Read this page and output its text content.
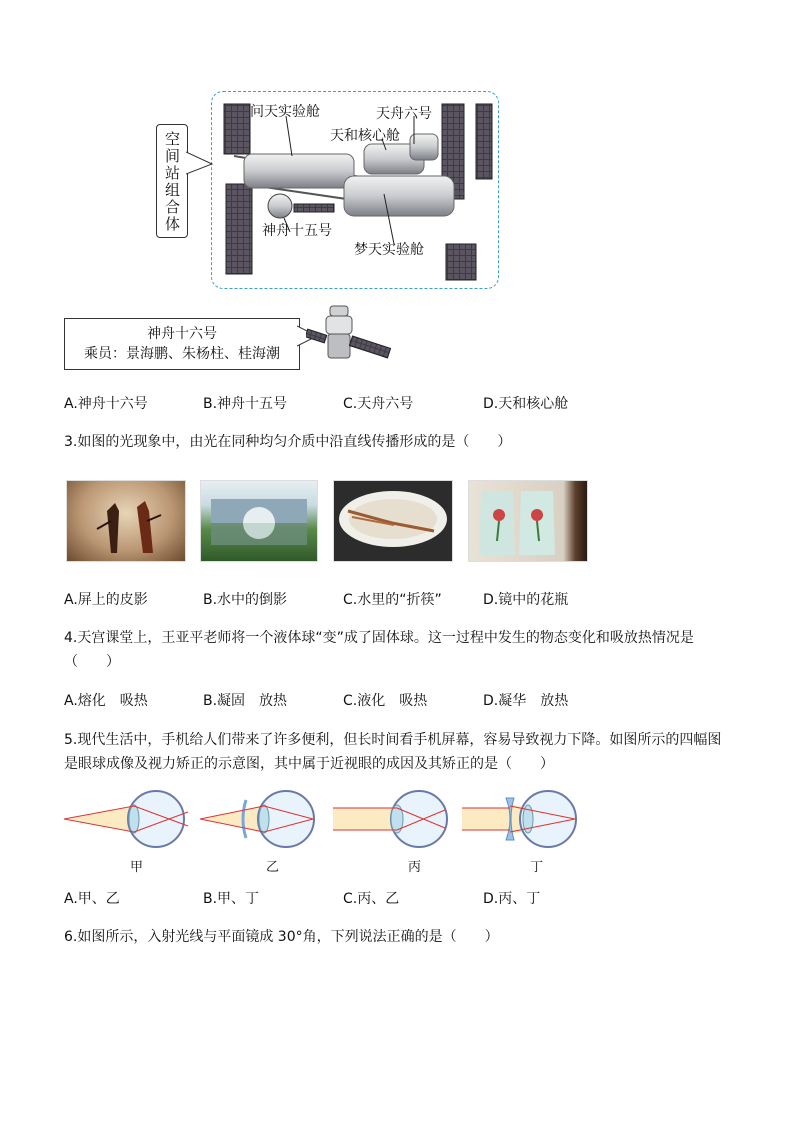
空间站组合体
问天实验舱	天舟六号
天和核心舱
神舟十五号
梦天实验舱
神舟十六号
乘员：景海鹏、朱杨柱、桂海潮
A.神舟十六号	B.神舟十五号	C.天舟六号	D.天和核心舱
3.如图的光现象中，由光在同种均匀介质中沿直线传播形成的是（　　）
A.屏上的皮影	B.水中的倒影	C.水里的“折筷”	D.镜中的花瓶
4.天宫课堂上，王亚平老师将一个液体球“变”成了固体球。这一过程中发生的物态变化和吸放热情况是
（　　）
A.熔化　吸热	B.凝固　放热	C.液化　吸热	D.凝华　放热
5.现代生活中，手机给人们带来了许多便利，但长时间看手机屏幕，容易导致视力下降。如图所示的四幅图
是眼球成像及视力矫正的示意图，其中属于近视眼的成因及其矫正的是（　　）
甲	乙	丙	丁
A.甲、乙	B.甲、丁	C.丙、乙	D.丙、丁
6.如图所示，入射光线与平面镜成 30°角，下列说法正确的是（　　）
